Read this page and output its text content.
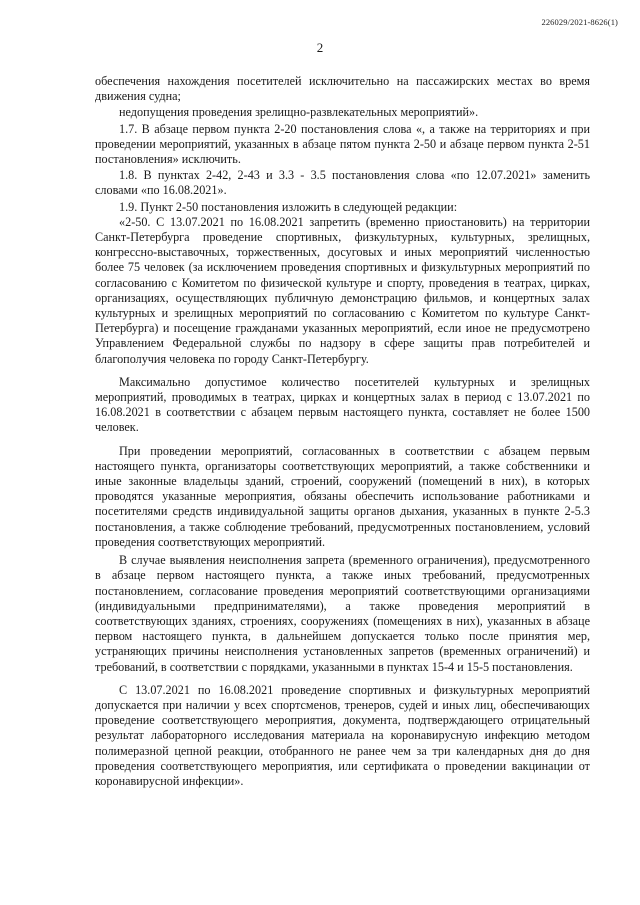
226029/2021-8626(1)
2

обеспечения нахождения посетителей исключительно на пассажирских местах во время движения судна;

недопущения проведения зрелищно-развлекательных мероприятий».

1.7. В абзаце первом пункта 2-20 постановления слова «, а также на территориях и при проведении мероприятий, указанных в абзаце пятом пункта 2-50 и абзаце первом пункта 2-51 постановления» исключить.

1.8. В пунктах 2-42, 2-43 и 3.3 - 3.5 постановления слова «по 12.07.2021» заменить словами «по 16.08.2021».

1.9. Пункт 2-50 постановления изложить в следующей редакции:

«2-50. С 13.07.2021 по 16.08.2021 запретить (временно приостановить) на территории Санкт-Петербурга проведение спортивных, физкультурных, культурных, зрелищных, конгрессно-выставочных, торжественных, досуговых и иных мероприятий численностью более 75 человек (за исключением проведения спортивных и физкультурных мероприятий по согласованию с Комитетом по физической культуре и спорту, проведения в театрах, цирках, организациях, осуществляющих публичную демонстрацию фильмов, и концертных залах культурных и зрелищных мероприятий по согласованию с Комитетом по культуре Санкт-Петербурга) и посещение гражданами указанных мероприятий, если иное не предусмотрено Управлением Федеральной службы по надзору в сфере защиты прав потребителей и благополучия человека по городу Санкт-Петербургу.

Максимально допустимое количество посетителей культурных и зрелищных мероприятий, проводимых в театрах, цирках и концертных залах в период с 13.07.2021 по 16.08.2021 в соответствии с абзацем первым настоящего пункта, составляет не более 1500 человек.

При проведении мероприятий, согласованных в соответствии с абзацем первым настоящего пункта, организаторы соответствующих мероприятий, а также собственники и иные законные владельцы зданий, строений, сооружений (помещений в них), в которых проводятся указанные мероприятия, обязаны обеспечить использование работниками и посетителями средств индивидуальной защиты органов дыхания, указанных в пункте 2-5.3 постановления, а также соблюдение требований, предусмотренных постановлением, условий проведения соответствующих мероприятий.

В случае выявления неисполнения запрета (временного ограничения), предусмотренного в абзаце первом настоящего пункта, а также иных требований, предусмотренных постановлением, согласование проведения мероприятий соответствующими организациями (индивидуальными предпринимателями), а также проведения мероприятий в соответствующих зданиях, строениях, сооружениях (помещениях в них), указанных в абзаце первом настоящего пункта, в дальнейшем допускается только после принятия мер, устраняющих причины неисполнения установленных запретов (временных ограничений) и требований, в соответствии с порядками, указанными в пунктах 15-4 и 15-5 постановления.

С 13.07.2021 по 16.08.2021 проведение спортивных и физкультурных мероприятий допускается при наличии у всех спортсменов, тренеров, судей и иных лиц, обеспечивающих проведение соответствующего мероприятия, документа, подтверждающего отрицательный результат лабораторного исследования материала на коронавирусную инфекцию методом полимеразной цепной реакции, отобранного не ранее чем за три календарных дня до дня проведения соответствующего мероприятия, или сертификата о проведении вакцинации от коронавирусной инфекции».
